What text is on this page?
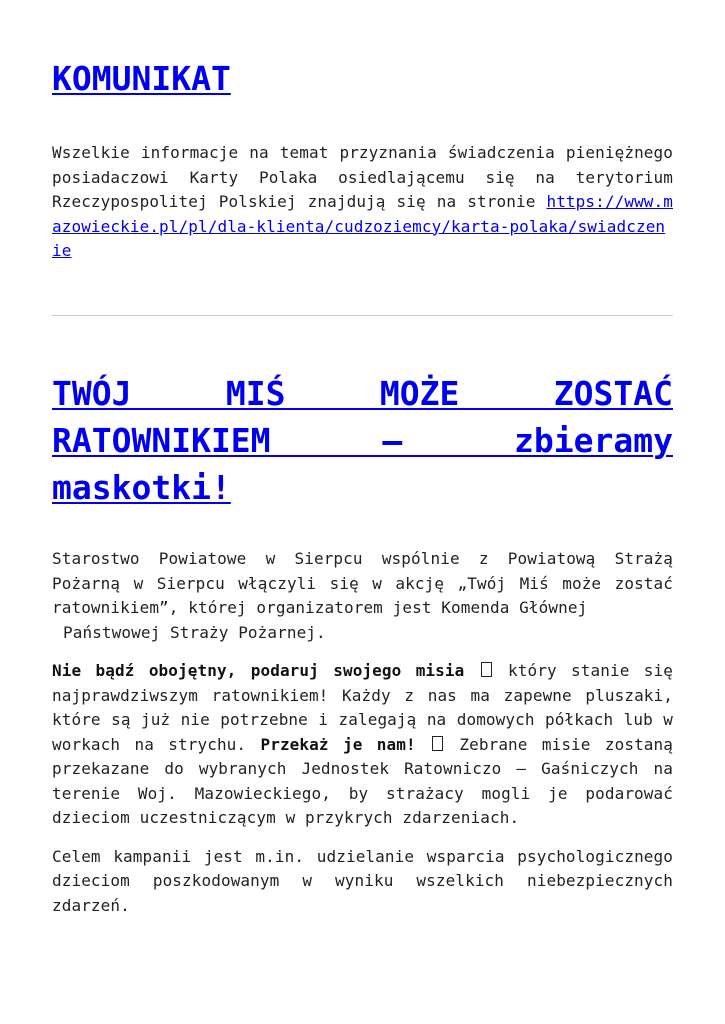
KOMUNIKAT
Wszelkie informacje na temat przyznania świadczenia pieniężnego posiadaczowi Karty Polaka osiedlającemu się na terytorium Rzeczypospolitej Polskiej znajdują się na stronie https://www.mazowieckie.pl/pl/dla-klienta/cudzoziemcy/karta-polaka/swiadczenie
TWÓJ MIŚ MOŻE ZOSTAĆ RATOWNIKIEM – zbieramy maskotki!

Starostwo Powiatowe w Sierpcu wspólnie z Powiatową Strażą Pożarną w Sierpcu włączyli się w akcję „Twój Miś może zostać ratownikiem”, której organizatorem jest Komenda Głównej
Państwowej Straży Pożarnej.

Nie bądź obojętny, podaruj swojego misia  który stanie się najprawdziwszym ratownikiem! Każdy z nas ma zapewne pluszaki, które są już nie potrzebne i zalegają na domowych półkach lub w workach na strychu. Przekaż je nam!  Zebrane misie zostaną przekazane do wybranych Jednostek Ratowniczo – Gaśniczych na terenie Woj. Mazowieckiego, by strażacy mogli je podarować dzieciom uczestniczącym w przykrych zdarzeniach.

Celem kampanii jest m.in. udzielanie wsparcia psychologicznego dzieciom poszkodowanym w wyniku wszelkich niebezpiecznych zdarzeń.
